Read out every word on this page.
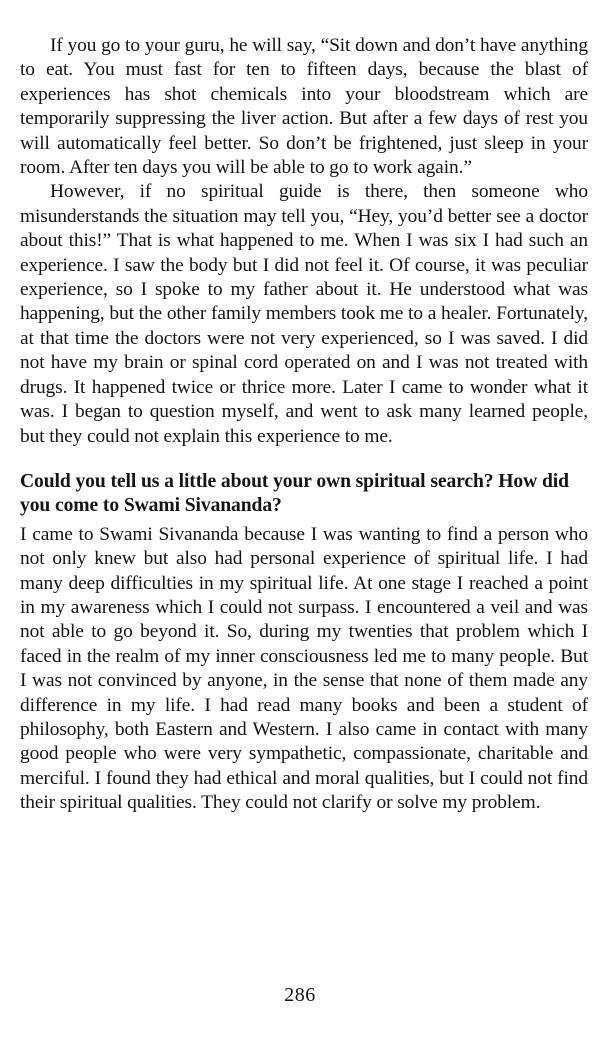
If you go to your guru, he will say, “Sit down and don’t have anything to eat. You must fast for ten to fifteen days, because the blast of experiences has shot chemicals into your bloodstream which are temporarily suppressing the liver action. But after a few days of rest you will automatically feel better. So don’t be frightened, just sleep in your room. After ten days you will be able to go to work again.”

However, if no spiritual guide is there, then someone who misunderstands the situation may tell you, “Hey, you’d better see a doctor about this!” That is what happened to me. When I was six I had such an experience. I saw the body but I did not feel it. Of course, it was peculiar experience, so I spoke to my father about it. He understood what was happening, but the other family members took me to a healer. Fortunately, at that time the doctors were not very experienced, so I was saved. I did not have my brain or spinal cord operated on and I was not treated with drugs. It happened twice or thrice more. Later I came to wonder what it was. I began to question myself, and went to ask many learned people, but they could not explain this experience to me.

Could you tell us a little about your own spiritual search? How did you come to Swami Sivananda?

I came to Swami Sivananda because I was wanting to find a person who not only knew but also had personal experience of spiritual life. I had many deep difficulties in my spiritual life. At one stage I reached a point in my awareness which I could not surpass. I encountered a veil and was not able to go beyond it. So, during my twenties that problem which I faced in the realm of my inner consciousness led me to many people. But I was not convinced by anyone, in the sense that none of them made any difference in my life. I had read many books and been a student of philosophy, both Eastern and Western. I also came in contact with many good people who were very sympathetic, compassionate, charitable and merciful. I found they had ethical and moral qualities, but I could not find their spiritual qualities. They could not clarify or solve my problem.

286
